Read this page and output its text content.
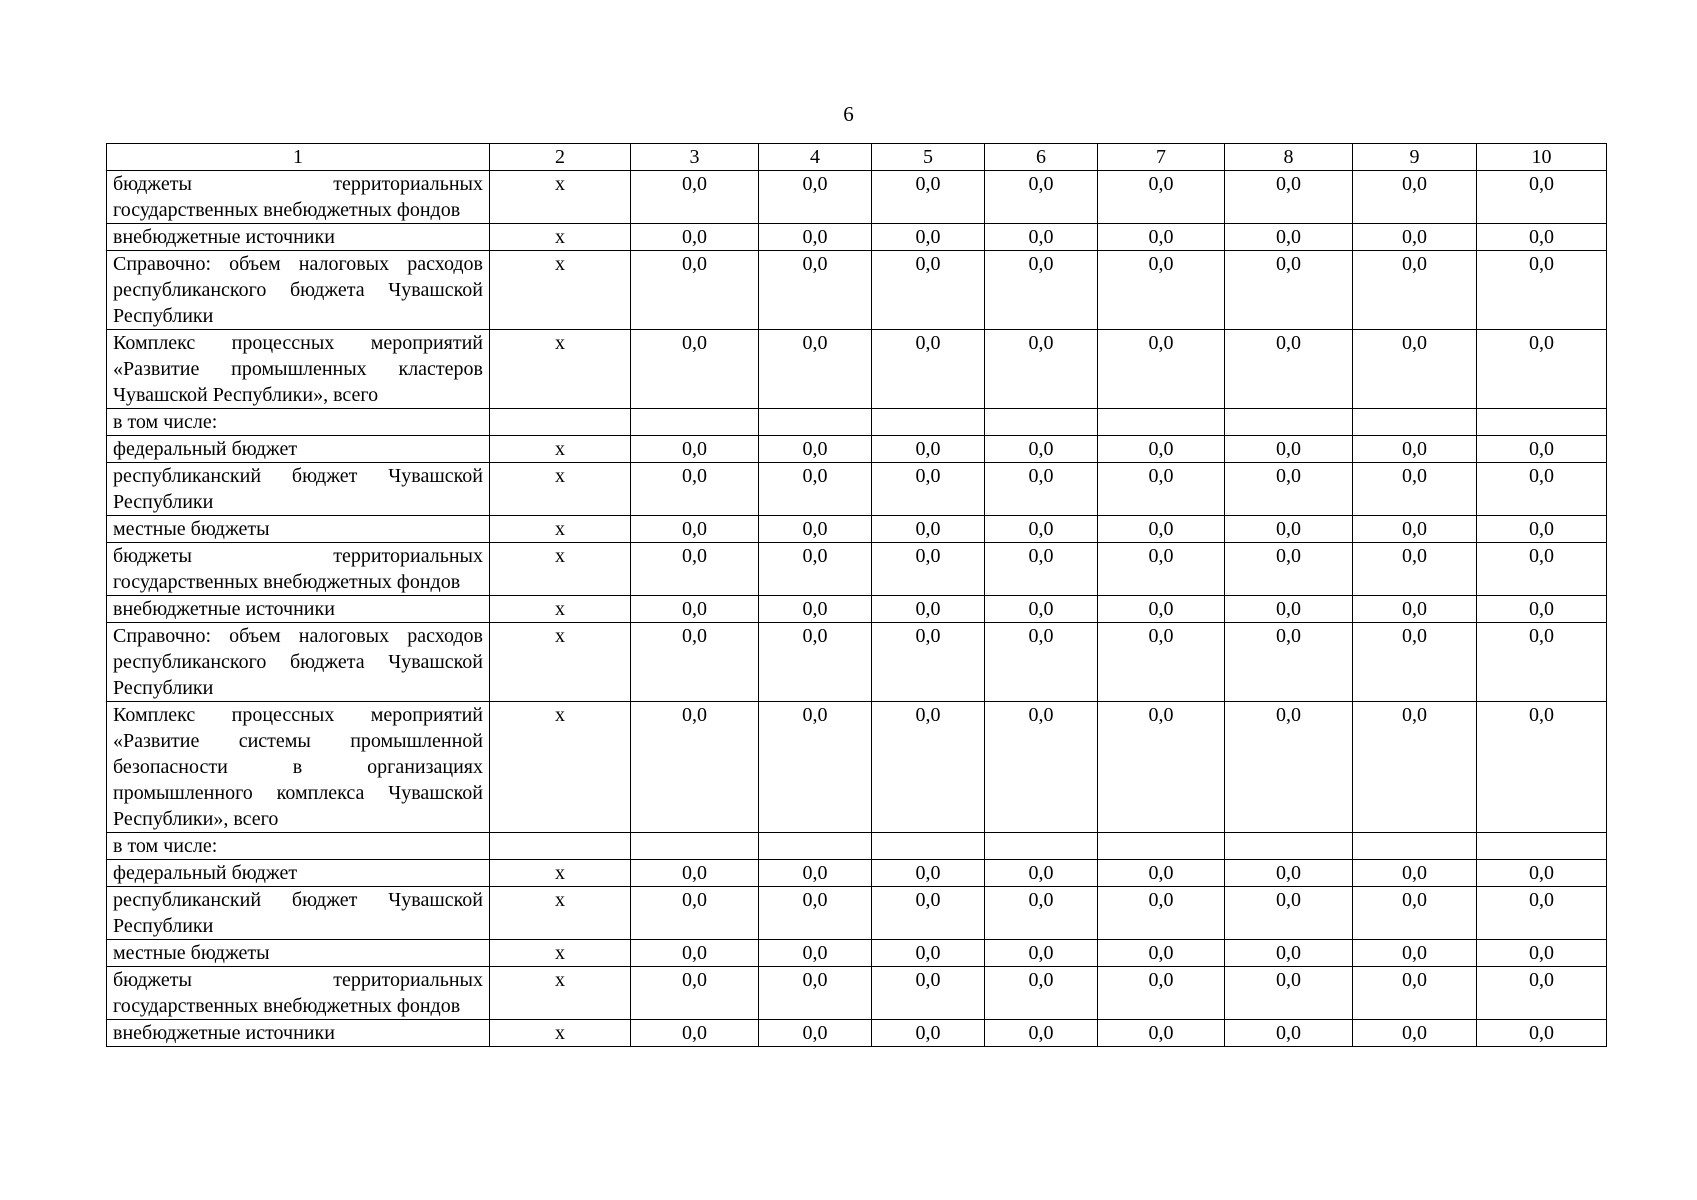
6
1	2	3	4	5	6	7	8	9	10
бюджеты территориальных государственных внебюджетных фондов	х	0,0	0,0	0,0	0,0	0,0	0,0	0,0	0,0
внебюджетные источники	х	0,0	0,0	0,0	0,0	0,0	0,0	0,0	0,0
Справочно: объем налоговых расходов республиканского бюджета Чувашской Республики	х	0,0	0,0	0,0	0,0	0,0	0,0	0,0	0,0
Комплекс процессных мероприятий «Развитие промышленных кластеров Чувашской Республики», всего	х	0,0	0,0	0,0	0,0	0,0	0,0	0,0	0,0
в том числе:									
федеральный бюджет	х	0,0	0,0	0,0	0,0	0,0	0,0	0,0	0,0
республиканский бюджет Чувашской Республики	х	0,0	0,0	0,0	0,0	0,0	0,0	0,0	0,0
местные бюджеты	х	0,0	0,0	0,0	0,0	0,0	0,0	0,0	0,0
бюджеты территориальных государственных внебюджетных фондов	х	0,0	0,0	0,0	0,0	0,0	0,0	0,0	0,0
внебюджетные источники	х	0,0	0,0	0,0	0,0	0,0	0,0	0,0	0,0
Справочно: объем налоговых расходов республиканского бюджета Чувашской Республики	х	0,0	0,0	0,0	0,0	0,0	0,0	0,0	0,0
Комплекс процессных мероприятий «Развитие системы промышленной безопасности в организациях промышленного комплекса Чувашской Республики», всего	х	0,0	0,0	0,0	0,0	0,0	0,0	0,0	0,0
в том числе:									
федеральный бюджет	х	0,0	0,0	0,0	0,0	0,0	0,0	0,0	0,0
республиканский бюджет Чувашской Республики	х	0,0	0,0	0,0	0,0	0,0	0,0	0,0	0,0
местные бюджеты	х	0,0	0,0	0,0	0,0	0,0	0,0	0,0	0,0
бюджеты территориальных государственных внебюджетных фондов	х	0,0	0,0	0,0	0,0	0,0	0,0	0,0	0,0
внебюджетные источники	х	0,0	0,0	0,0	0,0	0,0	0,0	0,0	0,0
